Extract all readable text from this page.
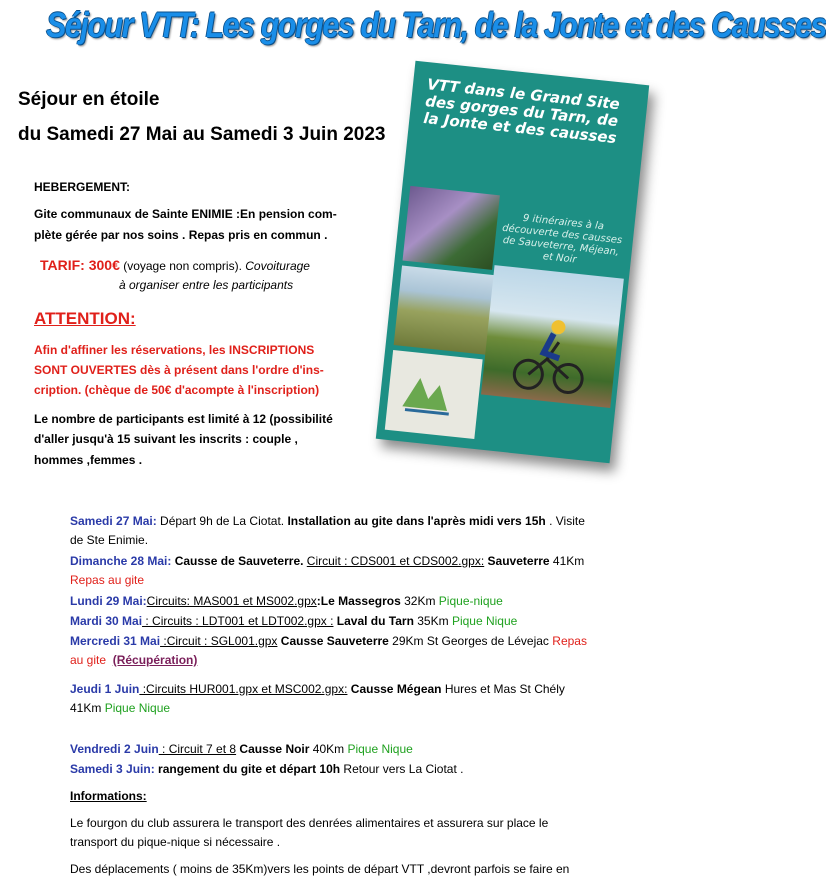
Séjour VTT: Les gorges du Tarn, de la Jonte et des Causses
Séjour en étoile
du Samedi 27 Mai au Samedi 3 Juin 2023
VTT dans le Grand Site des gorges du Tarn, de la Jonte et des causses
9 itinéraires à la découverte des causses de Sauveterre, Méjean, et Noir
HEBERGEMENT:
Gite communaux de Sainte ENIMIE :En pension com-
plète gérée par nos soins . Repas pris en commun .
TARIF: 300€ (voyage non compris). Covoiturage
à organiser entre les participants
ATTENTION:
Afin d'affiner les réservations, les INSCRIPTIONS
SONT OUVERTES dès à présent dans l'ordre d'ins-
cription. (chèque de 50€ d'acompte à l'inscription)
Le nombre de participants est limité à 12 (possibilité
d'aller jusqu'à 15 suivant les inscrits : couple ,
hommes ,femmes .
Samedi 27 Mai: Départ 9h de La Ciotat. Installation au gite dans l'après midi vers 15h . Visite
de Ste Enimie.
Dimanche 28 Mai: Causse de Sauveterre. Circuit : CDS001 et CDS002.gpx: Sauveterre 41Km
Repas au gite
Lundi 29 Mai:Circuits: MAS001 et MS002.gpx:Le Massegros 32Km Pique-nique
Mardi 30 Mai : Circuits : LDT001 et LDT002.gpx : Laval du Tarn 35Km Pique Nique
Mercredi 31 Mai :Circuit : SGL001.gpx Causse Sauveterre 29Km St Georges de Lévejac Repas
au gite (Récupération)
Jeudi 1 Juin :Circuits HUR001.gpx et MSC002.gpx: Causse Mégean Hures et Mas St Chély
41Km Pique Nique
Vendredi 2 Juin : Circuit 7 et 8 Causse Noir 40Km Pique Nique
Samedi 3 Juin: rangement du gite et départ 10h Retour vers La Ciotat .
Informations:
Le fourgon du club assurera le transport des denrées alimentaires et assurera sur place le
transport du pique-nique si nécessaire .
Des déplacements ( moins de 35Km)vers les points de départ VTT ,devront parfois se faire en
